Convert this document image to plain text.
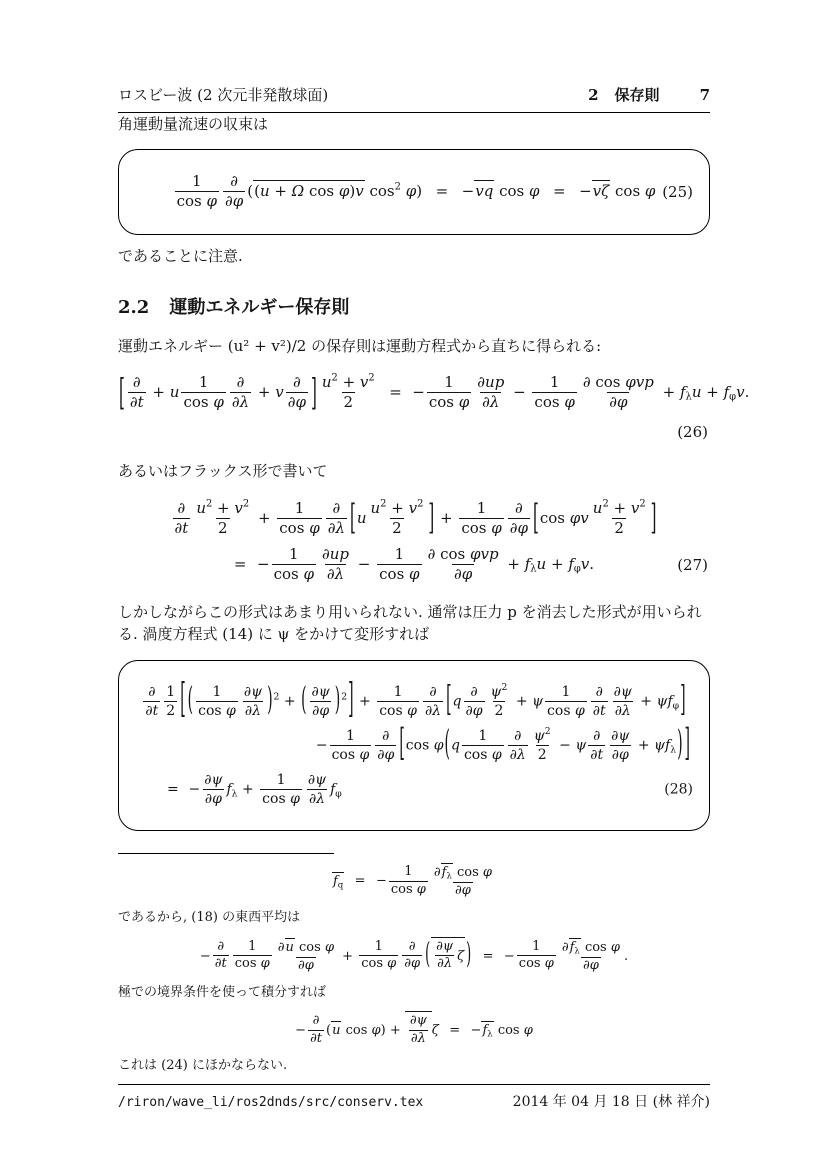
ロスビー波 (2 次元非発散球面)	2 保存則	7

角運動量流速の収束は

$\frac{1}{\text{cos φ}}$ ∂
∂φ
((u + Ω cos φ)v $\cos^2 \varphi) = -vq$ cos φ = −vζ cos φ (25)

であることに注意.

2.2 運動エネルギー保存則

運動エネルギー (u² + v²)/2 の保存則は運動方程式から直ちに得られる:

[ ∂
∂t
+ u $\frac{1}{\text{cos φ}}$ ∂
∂λ
+ v
∂
∂φ ] $\frac{u^2 + v^2}{2}$ = − $\frac{1}{\text{cos φ}} \frac{\partial up}{\partial\lambda} - \frac{1}{\text{cos φ}}$ ∂ cos φvp
∂φ
+ $f_\lambda u + f_\varphi v$.
(26)

あるいはフラックス形で書いて

∂
$\partial t \frac{u^2 + v^2}{2} + \frac{1}{\text{cos φ}}$ ∂
∂λ [$u \frac{u^2 + v^2}{2}$ ] + $\frac{1}{\text{cos φ}}$ ∂
∂φ [cos φv $\frac{u^2 + v^2}{2}$ ]
= − $\frac{1}{\text{cos φ}} \frac{\partial up}{\partial\lambda} - \frac{1}{\text{cos φ}}$ ∂ cos φvp
∂φ
+ $f_\lambda u + f_\varphi v$.	(27)

しかしながらこの形式はあまり用いられない. 通常は圧力 p を消去した形式が用いられる. 渦度方程式 (14) に ψ をかけて変形すれば

∂
$\partial t \frac{1}{2}$ [ ( $\frac{1}{\text{cos φ}} \frac{\partial\psi}{\partial\lambda} )^2$ + ( $\frac{\partial\psi}{\partial\varphi} )^2] + \frac{1}{\text{cos φ}}$ ∂
∂λ [q
∂
$\partial\varphi \frac{\psi^2}{2} + \psi \frac{1}{\text{cos φ}}$ ∂
$\partial t \frac{\partial\psi}{\partial\lambda} + \psi f_\varphi$]
− $\frac{1}{\text{cos φ}}$ ∂
∂φ [cos $\varphi(q \frac{1}{\text{cos φ}}$ ∂
$\partial\lambda \frac{\psi^2}{2} - \psi$
∂
$\partial t \frac{\partial\psi}{\partial\varphi} + \psi f_\lambda$) ]
= − $\frac{\partial\psi}{\partial\varphi} f_\lambda + \frac{1}{\text{cos φ}} \frac{\partial\psi}{\partial\lambda} f_\varphi$	(28)
$f_q$ = − $\frac{1}{\text{cos φ}} \frac{\partial f_\lambda \cos \varphi}{\partial\varphi}$

であるから, (18) の東西平均は

−
∂
$\partial t \frac{1}{\text{cos φ}} \frac{\text{∂u cos φ}}{\partial\varphi} + \frac{1}{\text{cos φ}}$ ∂
∂φ ( $\frac{\partial\psi}{\partial\lambda}$ ζ ) = − $\frac{1}{\text{cos φ}} \frac{\partial f_\lambda \cos \varphi}{\partial\varphi}$ .

極での境界条件を使って積分すれば

−
∂
∂t
(u $\cos \varphi) + \frac{\partial\psi}{\partial\lambda}$ $\zeta = -f_\lambda$ cos φ

これは (24) にほかならない.

/riron/wave_li/ros2dnds/src/conserv.tex	2014 年 04 月 18 日 (林 祥介)
